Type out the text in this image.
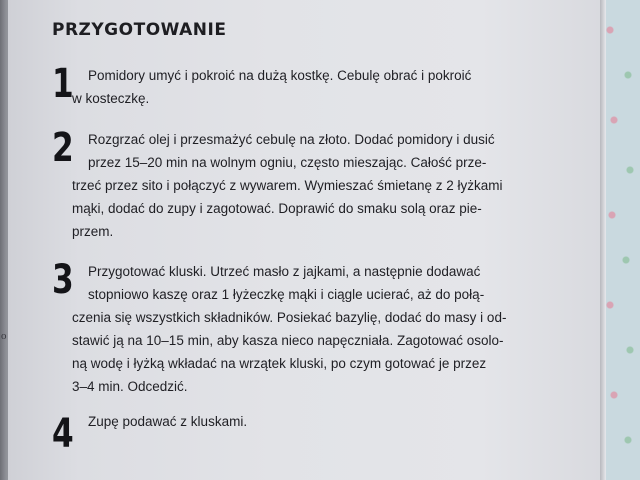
o
PRZYGOTOWANIE
1 Pomidory umyć i pokroić na dużą kostkę. Cebulę obrać i pokroić
w kosteczkę.
2 Rozgrzać olej i przesmażyć cebulę na złoto. Dodać pomidory i dusić
przez 15–20 min na wolnym ogniu, często mieszając. Całość prze-
trzeć przez sito i połączyć z wywarem. Wymieszać śmietanę z 2 łyżkami
mąki, dodać do zupy i zagotować. Doprawić do smaku solą oraz pie-
przem.
3 Przygotować kluski. Utrzeć masło z jajkami, a następnie dodawać
stopniowo kaszę oraz 1 łyżeczkę mąki i ciągle ucierać, aż do połą-
czenia się wszystkich składników. Posiekać bazylię, dodać do masy i od-
stawić ją na 10–15 min, aby kasza nieco napęczniała. Zagotować osolo-
ną wodę i łyżką wkładać na wrzątek kluski, po czym gotować je przez
3–4 min. Odcedzić.
4 Zupę podawać z kluskami.
